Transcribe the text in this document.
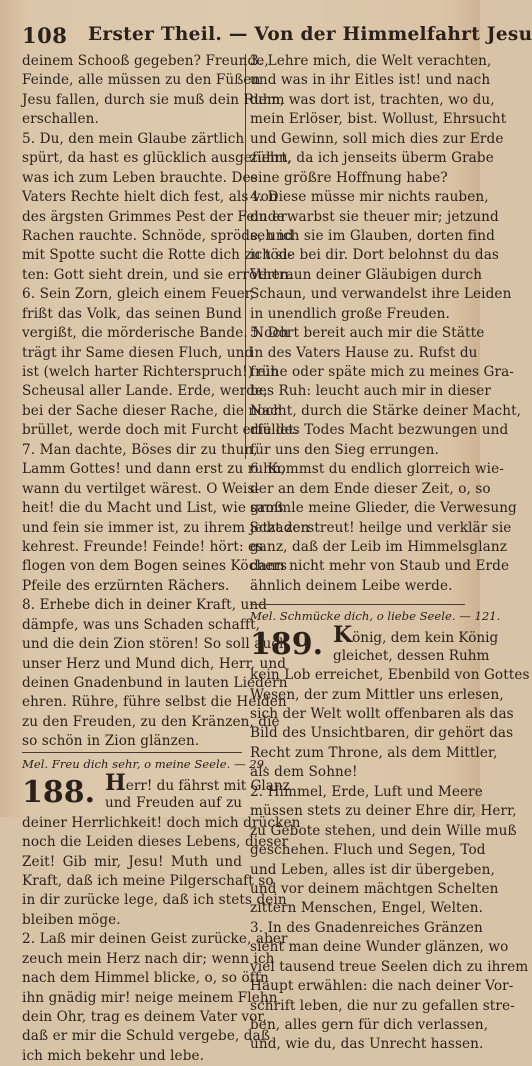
108 Erster Theil. — Von der Himmelfahrt Jesu
deinem Schooß gegeben? Freunde,
Feinde, alle müssen zu den Füßen
Jesu fallen, durch sie muß dein Ruhm
erschallen.
5. Du, den mein Glaube zärtlich
spürt, da hast es glücklich ausgeführt,
was ich zum Leben brauchte. Des
Vaters Rechte hielt dich fest, als von
des ärgsten Grimmes Pest der Feinde
Rachen rauchte. Schnöde, spröde, und
mit Spotte sucht die Rotte dich zu töd-
ten: Gott sieht drein, und sie erröthen.
6. Sein Zorn, gleich einem Feuer,
frißt das Volk, das seinen Bund
vergißt, die mörderische Bande. Noch
trägt ihr Same diesen Fluch, und
ist (welch harter Richterspruch!) ein
Scheusal aller Lande. Erde, werde,
bei der Sache dieser Rache, die noch
brüllet, werde doch mit Furcht erfüllet.
7. Man dachte, Böses dir zu thun,
Lamm Gottes! und dann erst zu ruhn,
wann du vertilget wärest. O Weis-
heit! die du Macht und List, wie groß
und fein sie immer ist, zu ihrem Schaden
kehrest. Freunde! Feinde! hört: es
flogen von dem Bogen seines Köchers
Pfeile des erzürnten Rächers.
8. Erhebe dich in deiner Kraft, und
dämpfe, was uns Schaden schafft,
und die dein Zion stören! So soll auch
unser Herz und Mund dich, Herr, und
deinen Gnadenbund in lauten Liedern
ehren. Rühre, führe selbst die Heiden
zu den Freuden, zu den Kränzen, die
so schön in Zion glänzen.
Mel. Freu dich sehr, o meine Seele. — 29.
188. Herr! du fährst mit Glanz
und Freuden auf zu
deiner Herrlichkeit! doch mich drücken
noch die Leiden dieses Lebens, dieser
Zeit! Gib mir, Jesu! Muth und
Kraft, daß ich meine Pilgerschaft so
in dir zurücke lege, daß ich stets dein
bleiben möge.
2. Laß mir deinen Geist zurücke, aber
zeuch mein Herz nach dir; wenn ich
nach dem Himmel blicke, o, so öffn
ihn gnädig mir! neige meinem Flehn
dein Ohr, trag es deinem Vater vor,
daß er mir die Schuld vergebe, daß
ich mich bekehr und lebe.
3. Lehre mich, die Welt verachten,
und was in ihr Eitles ist! und nach
dem, was dort ist, trachten, wo du,
mein Erlöser, bist. Wollust, Ehrsucht
und Gewinn, soll mich dies zur Erde
ziehn, da ich jenseits überm Grabe
eine größre Hoffnung habe?
4. Diese müsse mir nichts rauben,
du erwarbst sie theuer mir; jetzund
seh ich sie im Glauben, dorten find
ich sie bei dir. Dort belohnst du das
Vertraun deiner Gläubigen durch
Schaun, und verwandelst ihre Leiden
in unendlich große Freuden.
5. Dort bereit auch mir die Stätte
in des Vaters Hause zu. Rufst du
frühe oder späte mich zu meines Gra-
bes Ruh: leucht auch mir in dieser
Nacht, durch die Stärke deiner Macht,
die des Todes Macht bezwungen und
für uns den Sieg errungen.
6. Kommst du endlich glorreich wie-
der an dem Ende dieser Zeit, o, so
sammle meine Glieder, die Verwesung
jetzt zerstreut! heilge und verklär sie
ganz, daß der Leib im Himmelsglanz
dann nicht mehr von Staub und Erde
ähnlich deinem Leibe werde.
Mel. Schmücke dich, o liebe Seele. — 121.
189. König, dem kein König
gleichet, dessen Ruhm
kein Lob erreichet, Ebenbild von Gottes
Wesen, der zum Mittler uns erlesen,
sich der Welt wollt offenbaren als das
Bild des Unsichtbaren, dir gehört das
Recht zum Throne, als dem Mittler,
als dem Sohne!
2. Himmel, Erde, Luft und Meere
müssen stets zu deiner Ehre dir, Herr,
zu Gebote stehen, und dein Wille muß
geschehen. Fluch und Segen, Tod
und Leben, alles ist dir übergeben,
und vor deinem mächtgen Schelten
zittern Menschen, Engel, Welten.
3. In des Gnadenreiches Gränzen
sieht man deine Wunder glänzen, wo
viel tausend treue Seelen dich zu ihrem
Haupt erwählen: die nach deiner Vor-
schrift leben, die nur zu gefallen stre-
ben, alles gern für dich verlassen,
und, wie du, das Unrecht hassen.
